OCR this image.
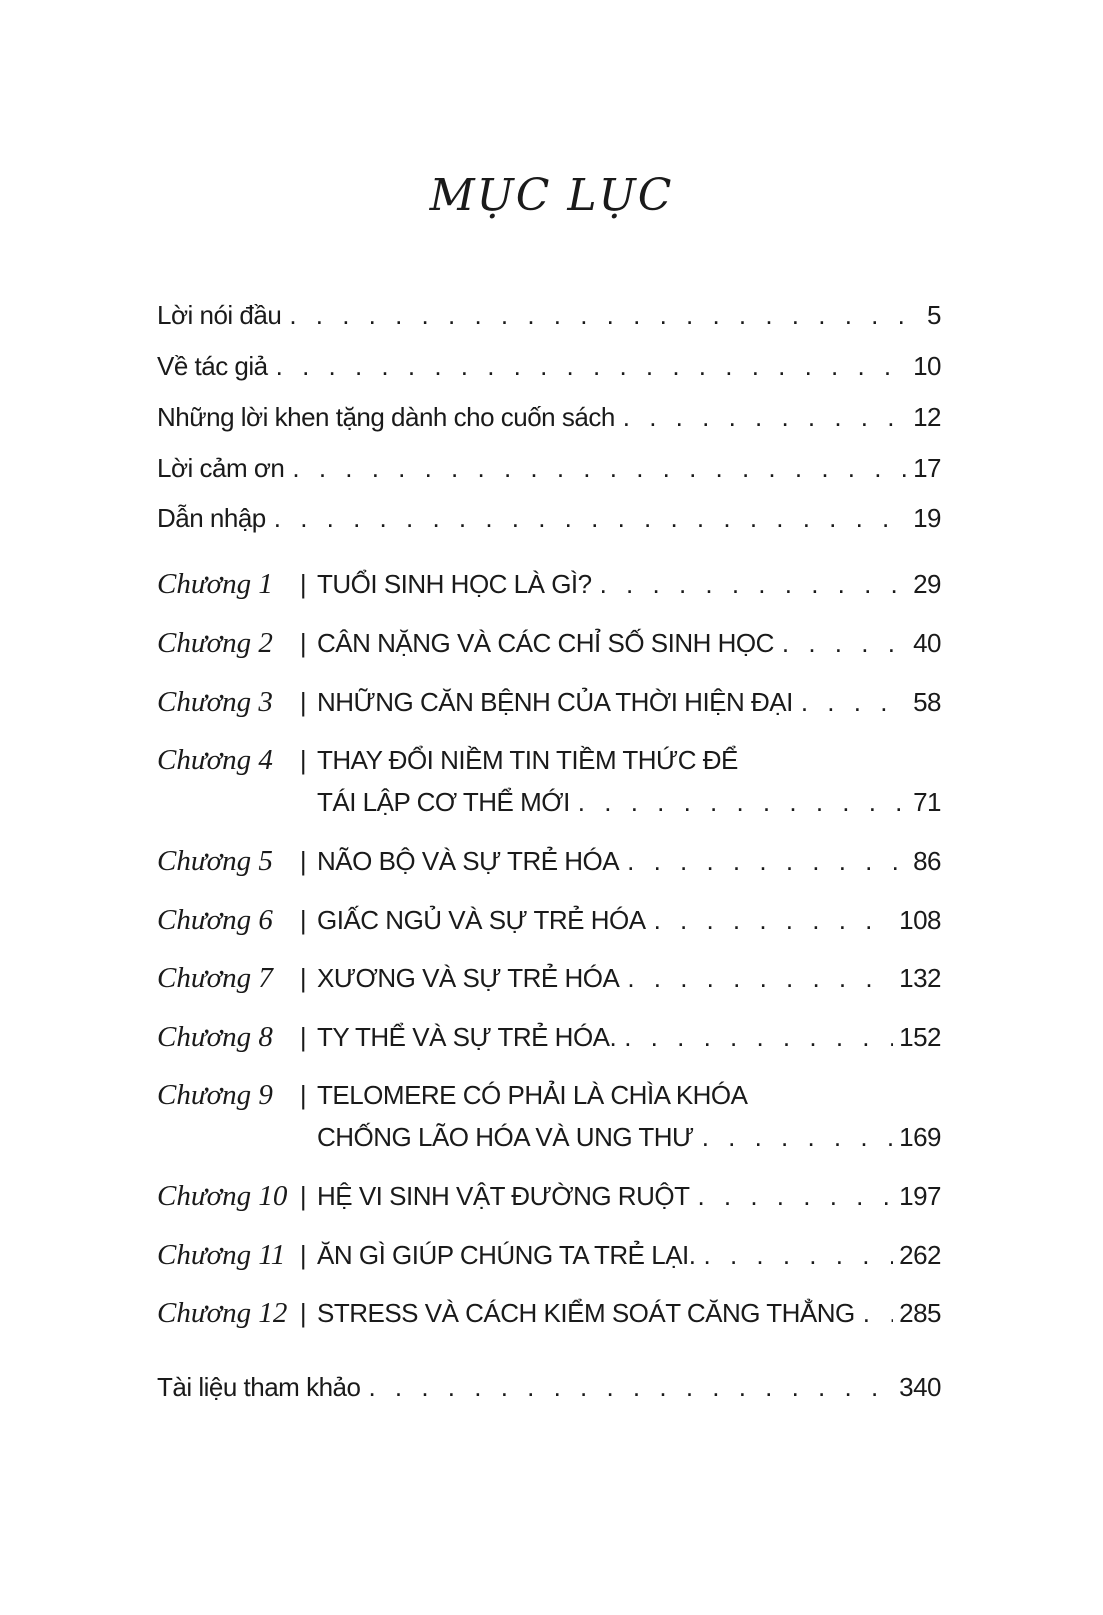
MỤC LỤC
Lời nói đầu . . .	5
Về tác giả . . .	10
Những lời khen tặng dành cho cuốn sách . . .	12
Lời cảm ơn . . .	17
Dẫn nhập . . .	19
Chương 1	| TUỔI SINH HỌC LÀ GÌ? . . .	29
Chương 2	| CÂN NẶNG VÀ CÁC CHỈ SỐ SINH HỌC . . .	40
Chương 3	| NHỮNG CĂN BỆNH CỦA THỜI HIỆN ĐẠI . . .	58
Chương 4	| THAY ĐỔI NIỀM TIN TIỀM THỨC ĐỂ
TÁI LẬP CƠ THỂ MỚI . . .	71
Chương 5	| NÃO BỘ VÀ SỰ TRẺ HÓA . . .	86
Chương 6	| GIẤC NGỦ VÀ SỰ TRẺ HÓA . . .	108
Chương 7	| XƯƠNG VÀ SỰ TRẺ HÓA . . .	132
Chương 8	| TY THỂ VÀ SỰ TRẺ HÓA. . . .	152
Chương 9	| TELOMERE CÓ PHẢI LÀ CHÌA KHÓA
CHỐNG LÃO HÓA VÀ UNG THƯ . . .	169
Chương 10 | HỆ VI SINH VẬT ĐƯỜNG RUỘT . . .	197
Chương 11 | ĂN GÌ GIÚP CHÚNG TA TRẺ LẠI. . . .	262
Chương 12 | STRESS VÀ CÁCH KIỂM SOÁT CĂNG THẲNG . . . 285
Tài liệu tham khảo . . .	340
